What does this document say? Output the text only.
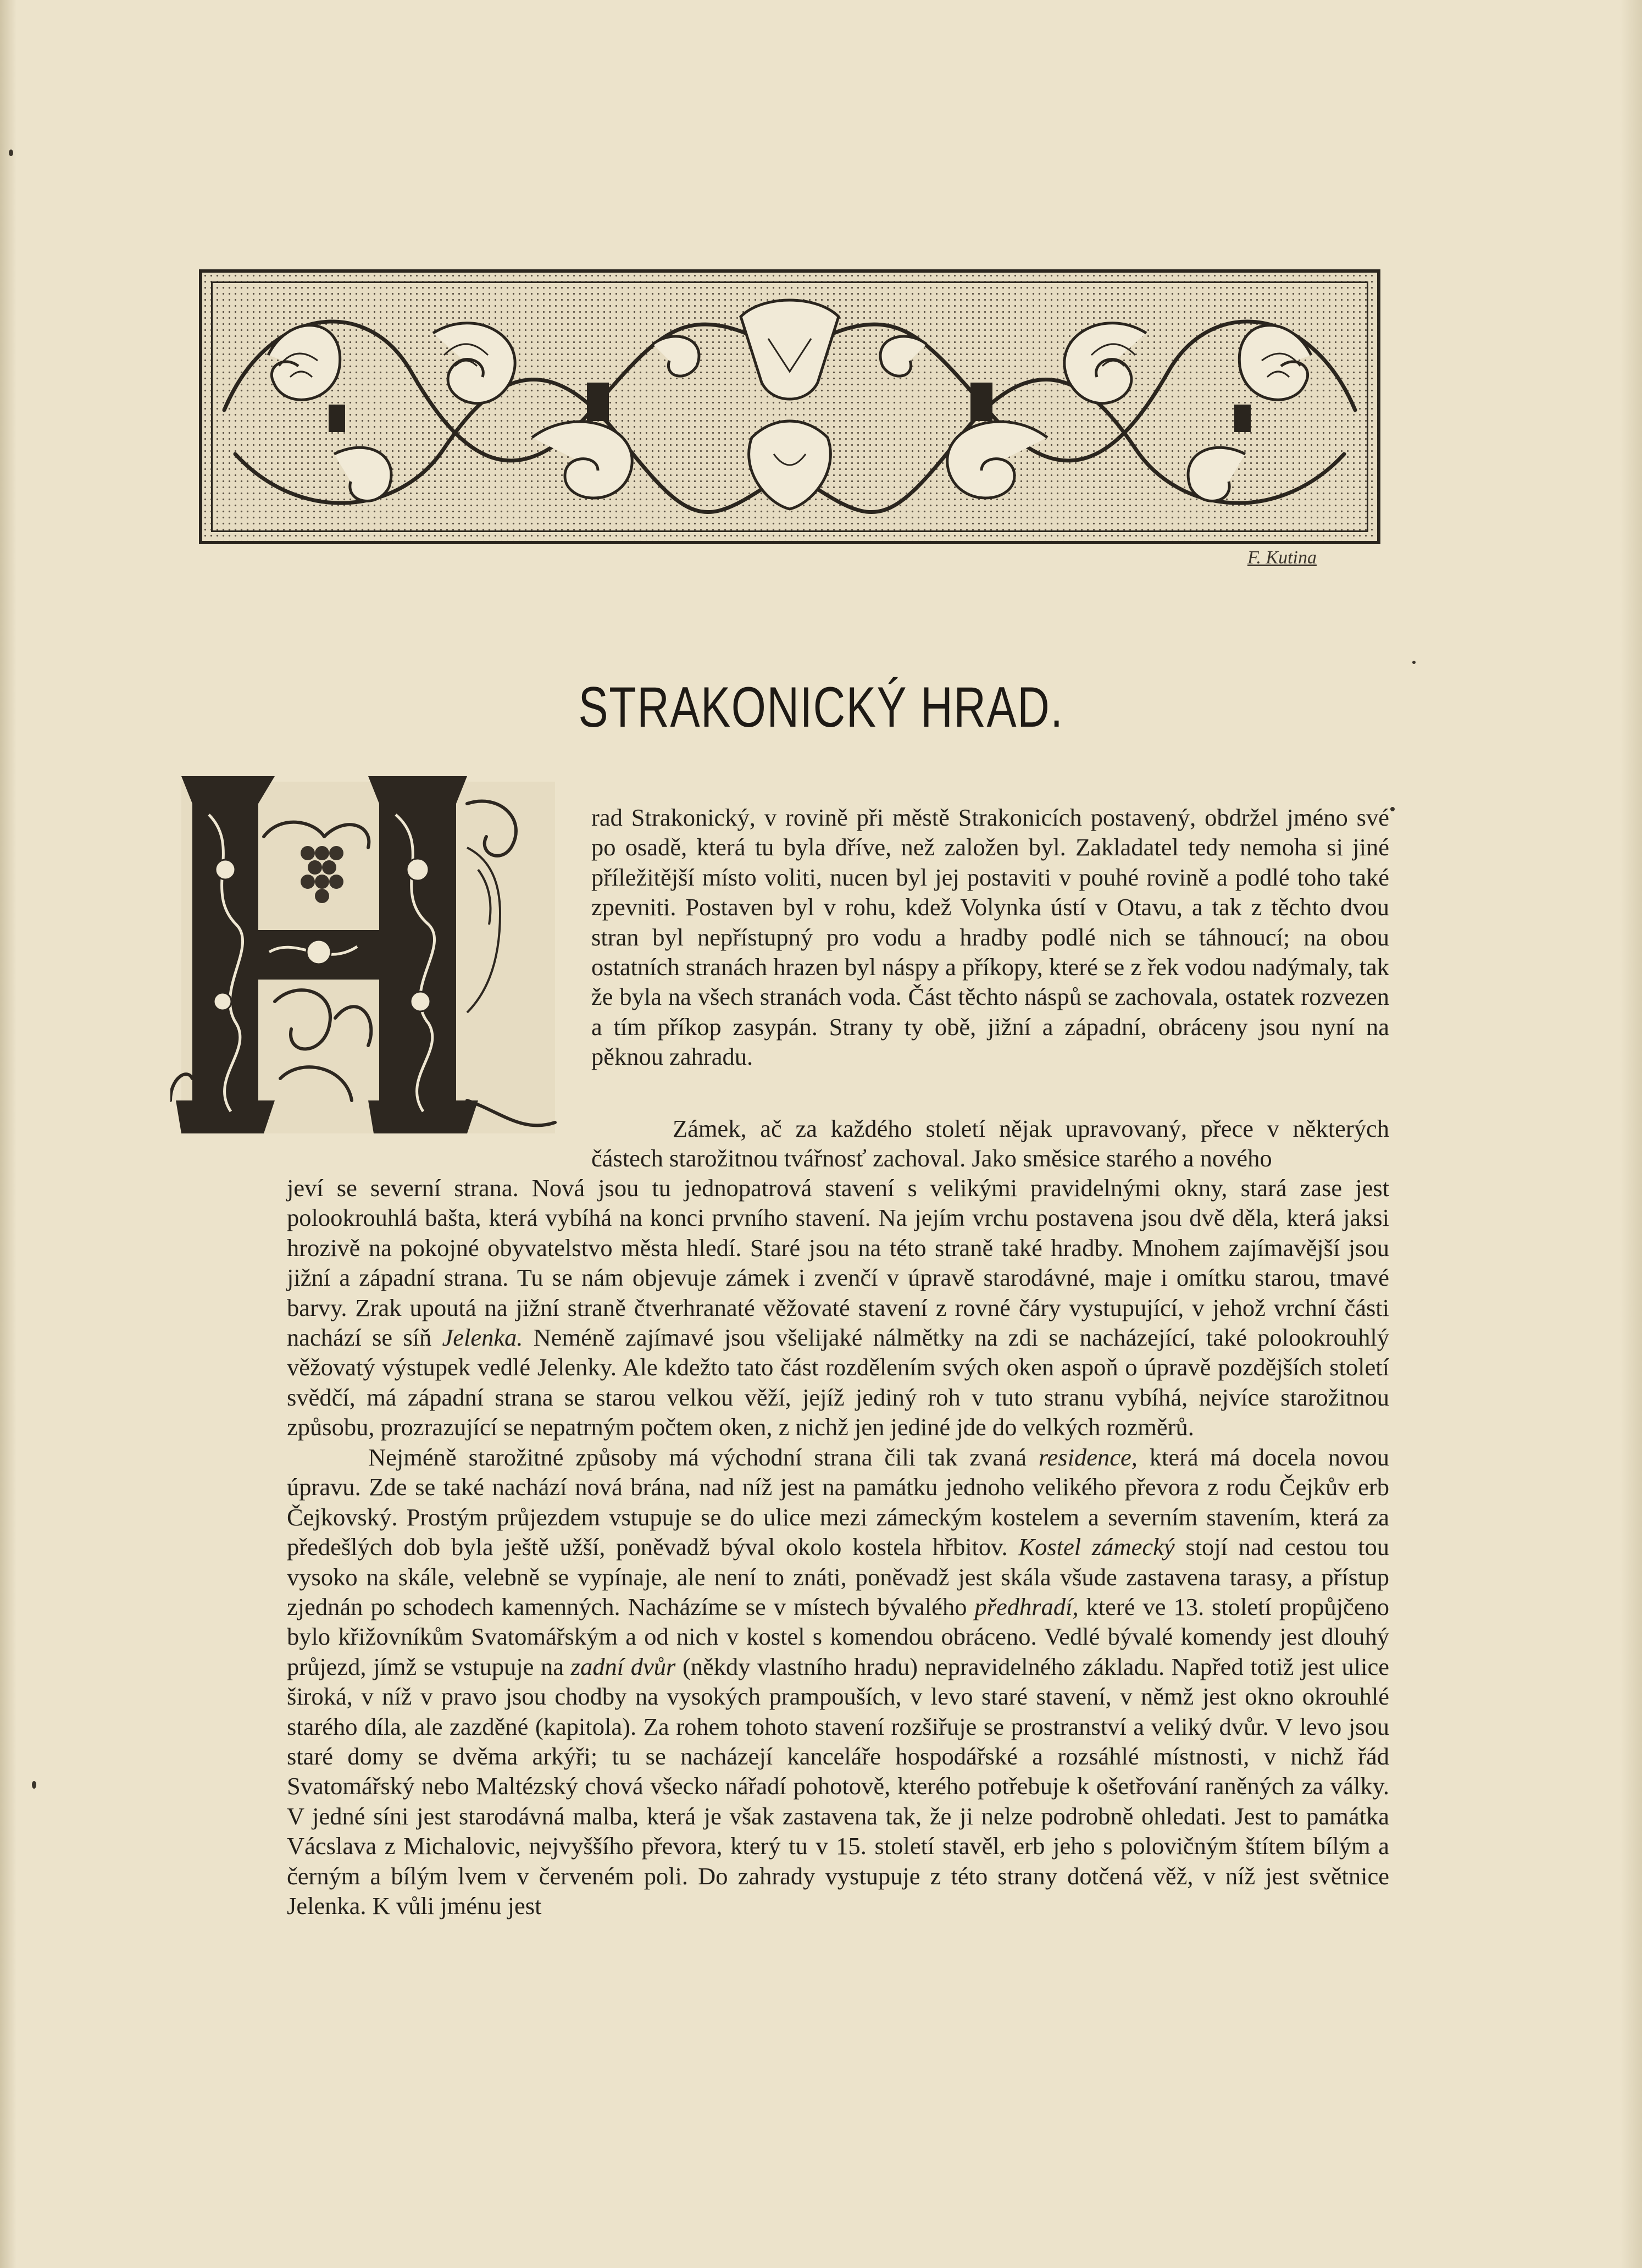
F. Kutina
STRAKONICKÝ HRAD.

rad Strakonický, v rovině při městě Strakonicích postavený, obdržel jméno své po osadě, která tu byla dříve, než založen byl. Zakladatel tedy nemoha si jiné příležitější místo voliti, nucen byl jej postaviti v pouhé rovině a podlé toho také zpevniti. Postaven byl v rohu, kdež Volynka ústí v Otavu, a tak z těchto dvou stran byl nepřístupný pro vodu a hradby podlé nich se táhnoucí; na obou ostatních stranách hrazen byl náspy a příkopy, které se z řek vodou nadýmaly, tak že byla na všech stranách voda. Část těchto náspů se zachovala, ostatek rozvezen a tím příkop zasypán. Strany ty obě, jižní a západní, obráceny jsou nyní na pěknou zahradu.

Zámek, ač za každého století nějak upravovaný, přece v některých částech starožitnou tvářnosť zachoval. Jako směsice starého a nového

jeví se severní strana. Nová jsou tu jednopatrová stavení s velikými pravidelnými okny, stará zase jest polookrouhlá bašta, která vybíhá na konci prvního stavení. Na jejím vrchu postavena jsou dvě děla, která jaksi hrozivě na pokojné obyvatelstvo města hledí. Staré jsou na této straně také hradby. Mnohem zajímavější jsou jižní a západní strana. Tu se nám objevuje zámek i zvenčí v úpravě starodávné, maje i omítku starou, tmavé barvy. Zrak upoutá na jižní straně čtverhranaté věžovaté stavení z rovné čáry vystupující, v jehož vrchní části nachází se síň Jelenka. Neméně zajímavé jsou všelijaké nálmětky na zdi se nacházející, také polookrouhlý věžovatý výstupek vedlé Jelenky. Ale kdežto tato část rozdělením svých oken aspoň o úpravě pozdějších století svědčí, má západní strana se starou velkou věží, jejíž jediný roh v tuto stranu vybíhá, nejvíce starožitnou způsobu, prozrazující se nepatrným počtem oken, z nichž jen jediné jde do velkých rozměrů.

Nejméně starožitné způsoby má východní strana čili tak zvaná residence, která má docela novou úpravu. Zde se také nachází nová brána, nad níž jest na památku jednoho velikého převora z rodu Čejkův erb Čejkovský. Prostým průjezdem vstupuje se do ulice mezi zámeckým kostelem a severním stavením, která za předešlých dob byla ještě užší, poněvadž býval okolo kostela hřbitov. Kostel zámecký stojí nad cestou tou vysoko na skále, velebně se vypínaje, ale není to znáti, poněvadž jest skála všude zastavena tarasy, a přístup zjednán po schodech kamenných. Nacházíme se v místech bývalého předhradí, které ve 13. století propůjčeno bylo křižovníkům Svatomářským a od nich v kostel s komendou obráceno. Vedlé bývalé komendy jest dlouhý průjezd, jímž se vstupuje na zadní dvůr (někdy vlastního hradu) nepravidelného základu. Napřed totiž jest ulice široká, v níž v pravo jsou chodby na vysokých prampouších, v levo staré stavení, v němž jest okno okrouhlé starého díla, ale zazděné (kapitola). Za rohem tohoto stavení rozšiřuje se prostranství a veliký dvůr. V levo jsou staré domy se dvěma arkýři; tu se nacházejí kanceláře hospodářské a rozsáhlé místnosti, v nichž řád Svatomářský nebo Maltézský chová všecko nářadí pohotově, kterého potřebuje k ošetřování raněných za války. V jedné síni jest starodávná malba, která je však zastavena tak, že ji nelze podrobně ohledati. Jest to památka Vácslava z Michalovic, nejvyššího převora, který tu v 15. století stavěl, erb jeho s polovičným štítem bílým a černým a bílým lvem v červeném poli. Do zahrady vystupuje z této strany dotčená věž, v níž jest světnice Jelenka. K vůli jménu jest
